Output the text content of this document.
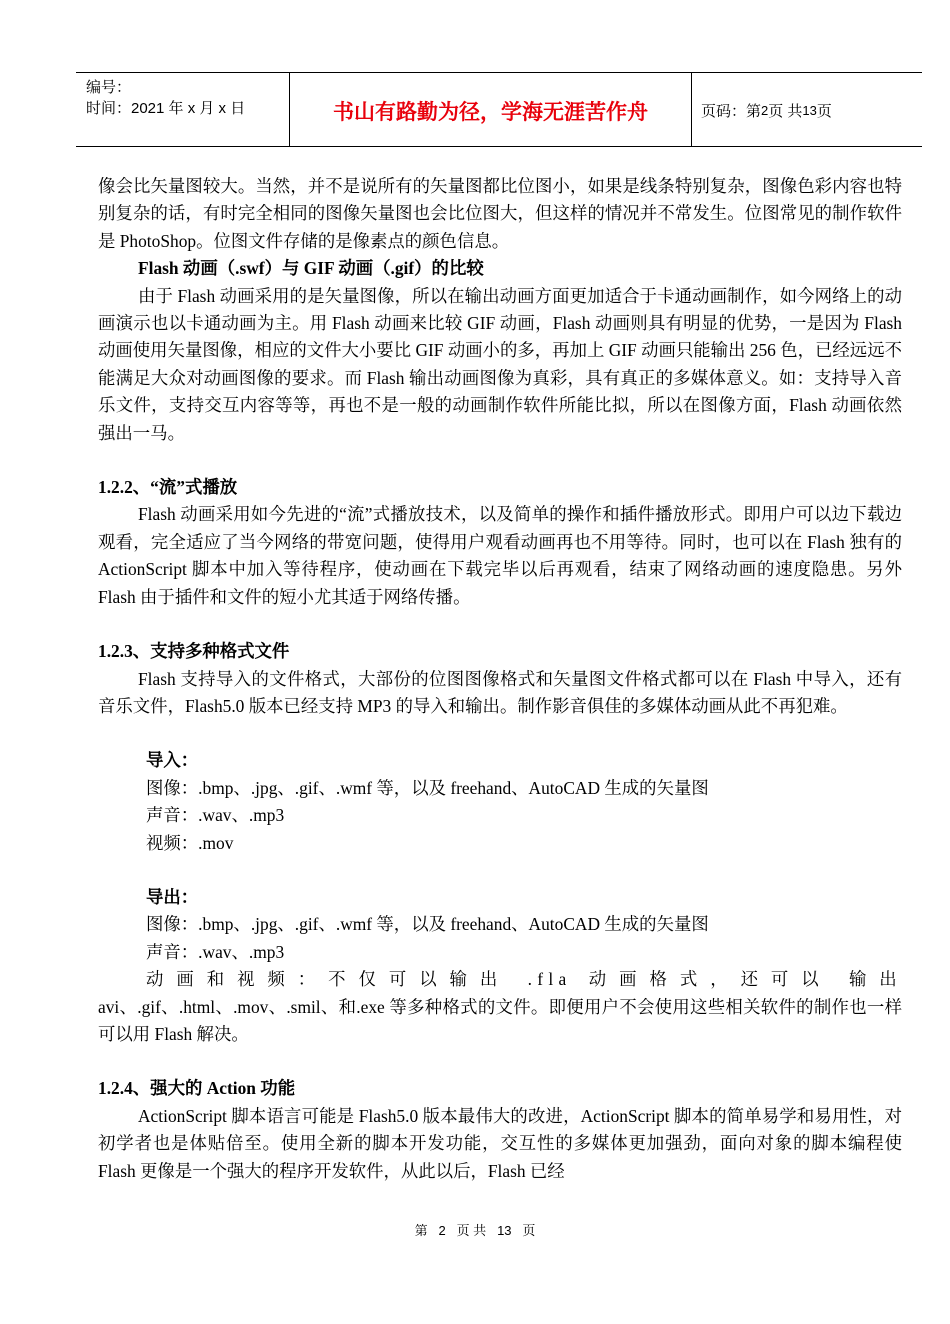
编号：
时间：2021 年 x 月 x 日	书山有路勤为径，学海无涯苦作舟	页码：第 2 页 共 13 页

像会比矢量图较大。当然，并不是说所有的矢量图都比位图小，如果是线条特别复杂，图像色彩内容也特别复杂的话，有时完全相同的图像矢量图也会比位图大，但这样的情况并不常发生。位图常见的制作软件是 PhotoShop。位图文件存储的是像素点的颜色信息。

Flash 动画（.swf）与 GIF 动画（.gif）的比较

由于 Flash 动画采用的是矢量图像，所以在输出动画方面更加适合于卡通动画制作，如今网络上的动画演示也以卡通动画为主。用 Flash 动画来比较 GIF 动画，Flash 动画则具有明显的优势，一是因为 Flash 动画使用矢量图像，相应的文件大小要比 GIF 动画小的多，再加上 GIF 动画只能输出 256 色，已经远远不能满足大众对动画图像的要求。而 Flash 输出动画图像为真彩，具有真正的多媒体意义。如：支持导入音乐文件，支持交互内容等等，再也不是一般的动画制作软件所能比拟，所以在图像方面，Flash 动画依然强出一马。

1.2.2、“流”式播放

Flash 动画采用如今先进的“流”式播放技术，以及简单的操作和插件播放形式。即用户可以边下载边观看，完全适应了当今网络的带宽问题，使得用户观看动画再也不用等待。同时，也可以在 Flash 独有的 ActionScript 脚本中加入等待程序，使动画在下载完毕以后再观看，结束了网络动画的速度隐患。另外 Flash 由于插件和文件的短小尤其适于网络传播。

1.2.3、支持多种格式文件

Flash 支持导入的文件格式，大部份的位图图像格式和矢量图文件格式都可以在 Flash 中导入，还有音乐文件，Flash5.0 版本已经支持 MP3 的导入和输出。制作影音俱佳的多媒体动画从此不再犯难。

导入：
图像：.bmp、.jpg、.gif、.wmf 等，以及 freehand、AutoCAD 生成的矢量图
声音：.wav、.mp3
视频：.mov
导出：
图像：.bmp、.jpg、.gif、.wmf 等，以及 freehand、AutoCAD 生成的矢量图
声音：.wav、.mp3

动画和视频：不仅可以输出 .fla 动画格式，还可以 输出

avi、.gif、.html、.mov、.smil、和.exe 等多种格式的文件。即便用户不会使用这些相关软件的制作也一样可以用 Flash 解决。

1.2.4、强大的 Action 功能

ActionScript 脚本语言可能是 Flash5.0 版本最伟大的改进，ActionScript 脚本的简单易学和易用性，对初学者也是体贴倍至。使用全新的脚本开发功能，交互性的多媒体更加强劲，面向对象的脚本编程使 Flash 更像是一个强大的程序开发软件，从此以后，Flash 已经

第 2 页 共 13 页
